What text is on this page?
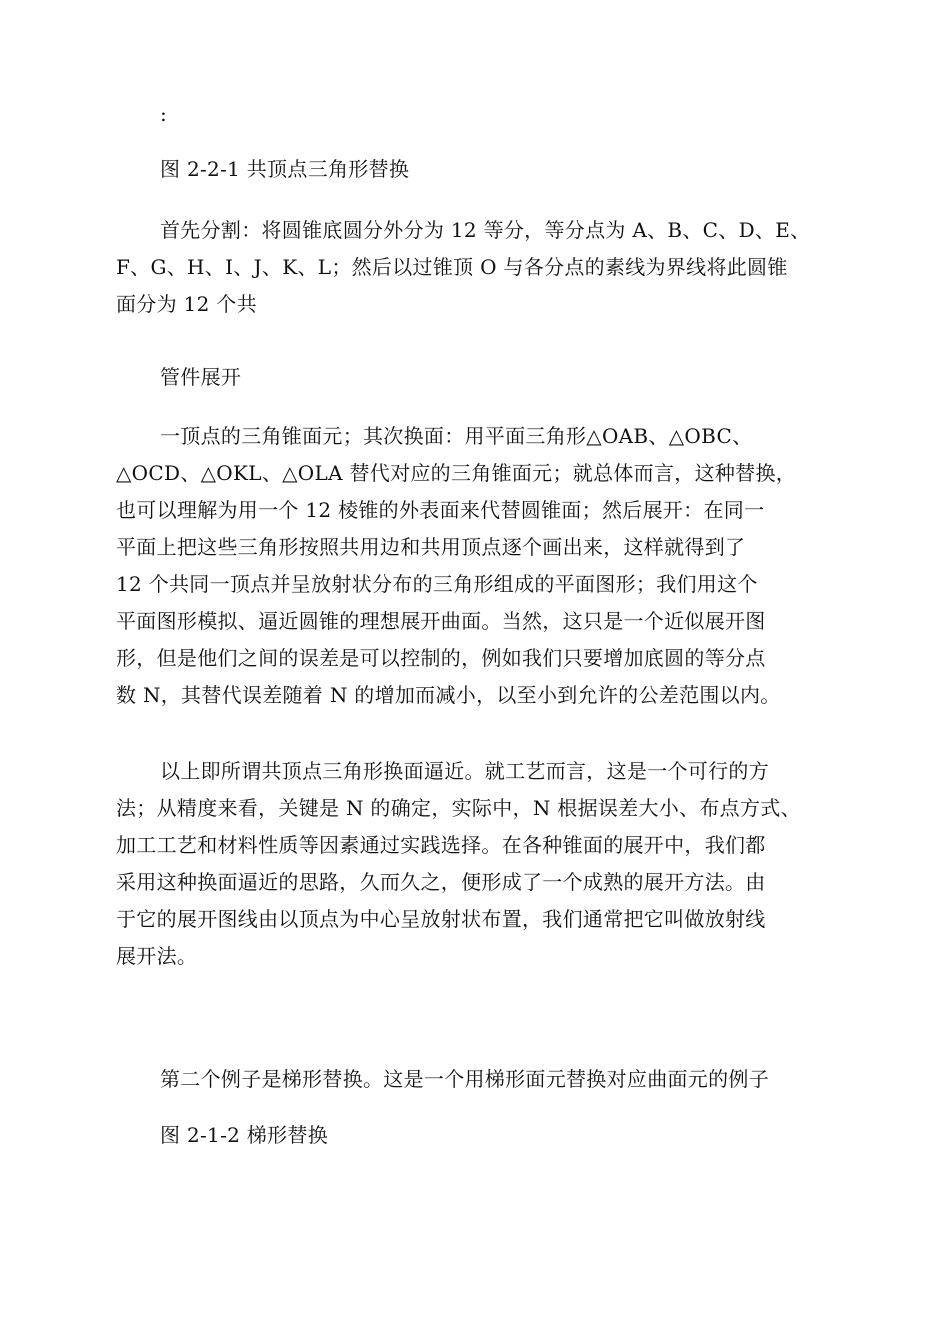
:
图 2-2-1 共顶点三角形替换
首先分割：将圆锥底圆分外分为 12 等分，等分点为 A、B、C、D、E、
F、G、H、I、J、K、L；然后以过锥顶 O 与各分点的素线为界线将此圆锥
面分为 12 个共
管件展开
一顶点的三角锥面元；其次换面：用平面三角形△OAB、△OBC、
△OCD、△OKL、△OLA 替代对应的三角锥面元；就总体而言，这种替换，
也可以理解为用一个 12 棱锥的外表面来代替圆锥面；然后展开：在同一
平面上把这些三角形按照共用边和共用顶点逐个画出来，这样就得到了
12 个共同一顶点并呈放射状分布的三角形组成的平面图形；我们用这个
平面图形模拟、逼近圆锥的理想展开曲面。当然，这只是一个近似展开图
形，但是他们之间的误差是可以控制的，例如我们只要增加底圆的等分点
数 N，其替代误差随着 N 的增加而减小，以至小到允许的公差范围以内。
以上即所谓共顶点三角形换面逼近。就工艺而言，这是一个可行的方
法；从精度来看，关键是 N 的确定，实际中，N 根据误差大小、布点方式、
加工工艺和材料性质等因素通过实践选择。在各种锥面的展开中，我们都
采用这种换面逼近的思路，久而久之，便形成了一个成熟的展开方法。由
于它的展开图线由以顶点为中心呈放射状布置，我们通常把它叫做放射线
展开法。
第二个例子是梯形替换。这是一个用梯形面元替换对应曲面元的例子
图 2-1-2 梯形替换
